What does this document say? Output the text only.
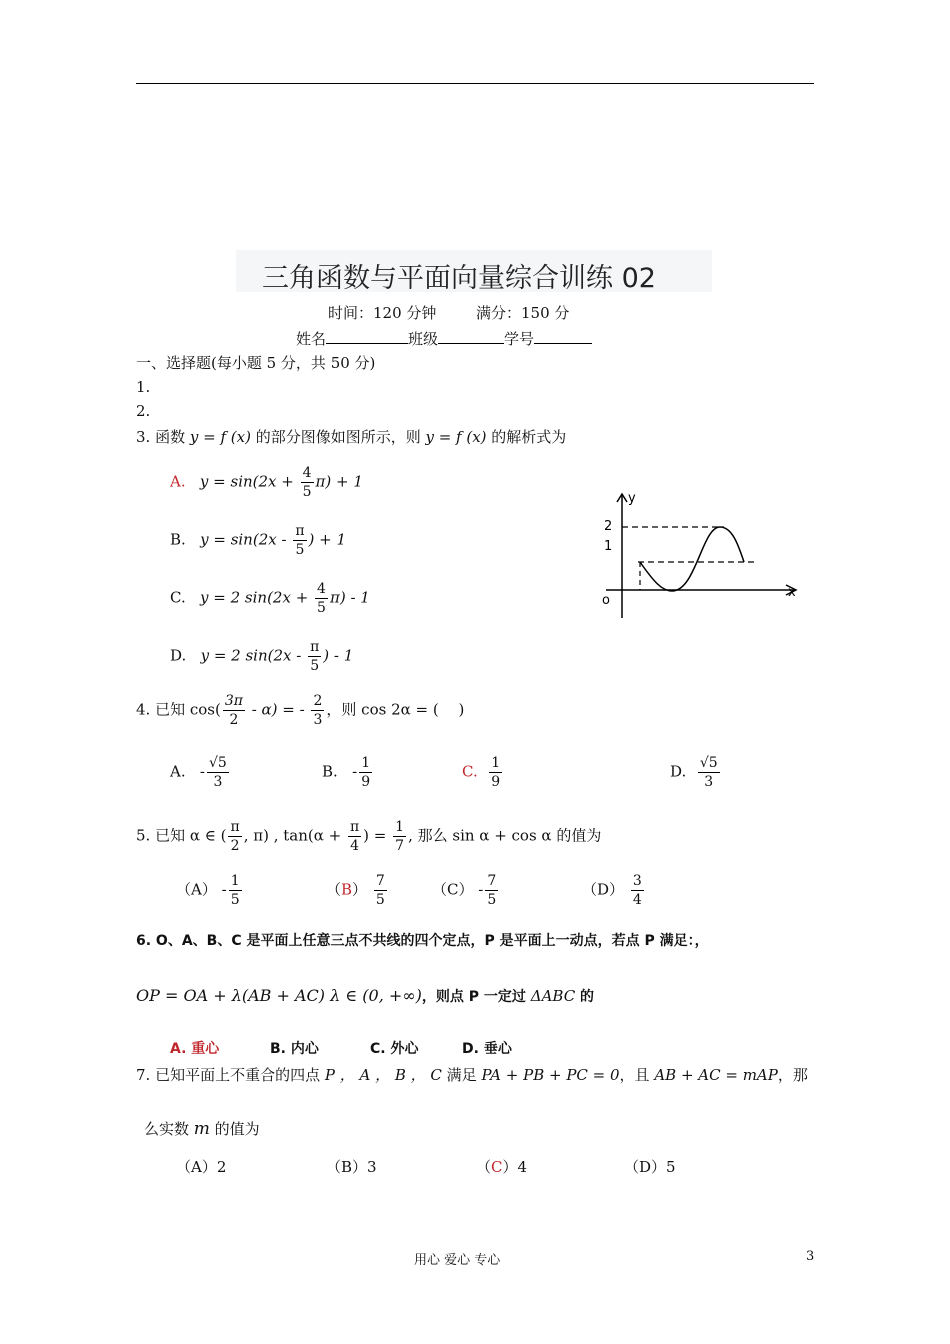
三角函数与平面向量综合训练 02
时间：120 分钟	满分：150 分
姓名	班级	学号
一、选择题(每小题 5 分，共 50 分)
1.
2.
3. 函数 y = f (x) 的部分图像如图所示，则 y = f (x) 的解析式为
A. $y = \sin(2x + \frac{4}{5} \pi) + 1$
B. $y = \sin(2x - \frac{\pi}{5}$ ) + 1
C. y = 2 $\sin(2x + \frac{4}{5} \pi) - 1$
D. y = 2 $\sin(2x - \frac{\pi}{5}$ ) - 1
y
x
o
2
1
4. 已知 $\cos( \frac{3\pi}{2} - \alpha)$ = - $\frac{2}{3}$ ，则 cos 2α = (　 )
A. - $\frac{√5}{3}$	B. - $\frac{1}{9}$	C. $\frac{1}{9}$	D. $\frac{√5}{3}$
5. 已知 α ∈ ( $\frac{\pi}{2}$ , π) , $\tan(\alpha + \frac{\pi}{4}$ ) = $\frac{1}{7}$ , 那么 sin α + cos α 的值为
$(A) - \frac{1}{5}$	$(B) \frac{7}{5}$	$(C) - \frac{7}{5}$	$(D) \frac{3}{4}$
6. O、A、B、C 是平面上任意三点不共线的四个定点，P 是平面上一动点，若点 P 满足：，
OP = OA + λ(AB + AC) λ ∈ (0, +∞)，则点 P 一定过 ΔABC 的
A. 重心	B. 内心	C. 外心	D. 垂心
7. 已知平面上不重合的四点 P ， A ， B ， C 满足 PA + PB + PC = 0，且 AB + AC = mAP，那
么实数 m 的值为
（A）2	（B）3	（C）4	（D）5
用心 爱心 专心	3
